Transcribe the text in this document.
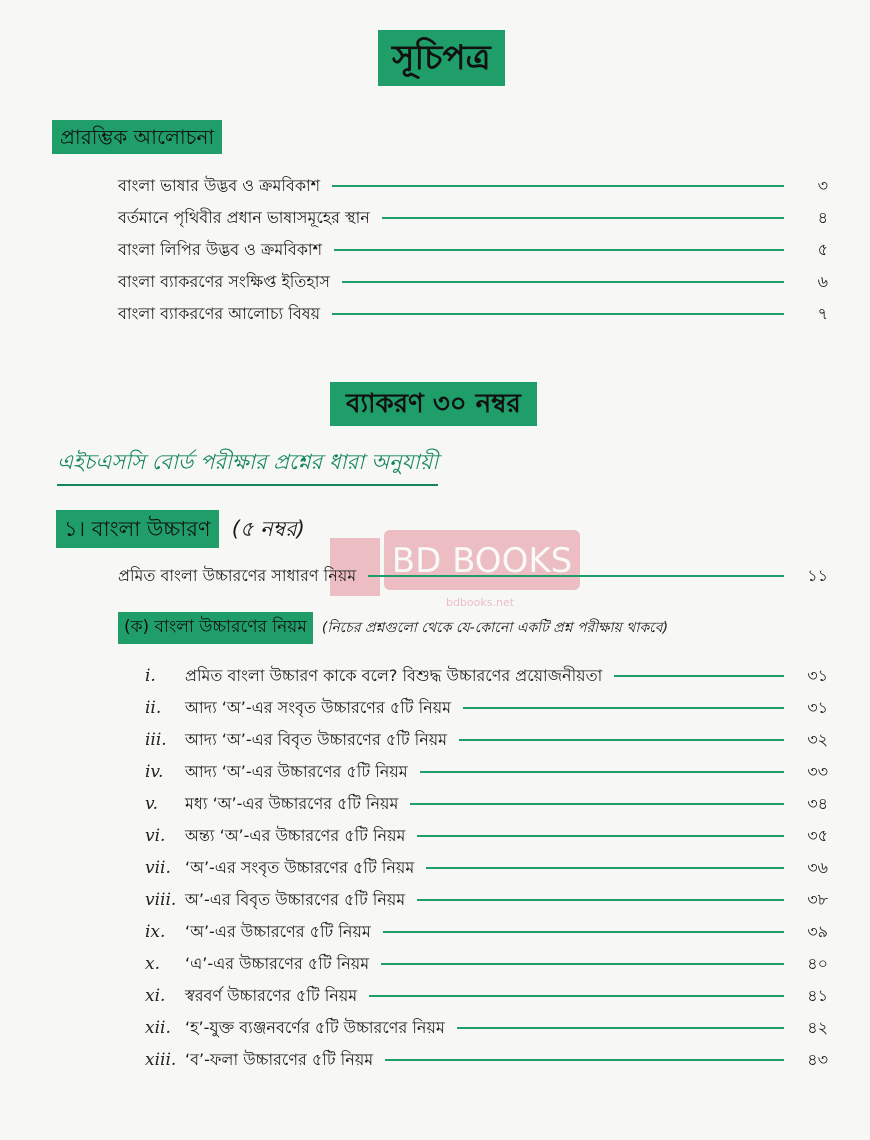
সূচিপত্র
প্রারম্ভিক আলোচনা
বাংলা ভাষার উদ্ভব ও ক্রমবিকাশ	৩
বর্তমানে পৃথিবীর প্রধান ভাষাসমূহের স্থান	৪
বাংলা লিপির উদ্ভব ও ক্রমবিকাশ	৫
বাংলা ব্যাকরণের সংক্ষিপ্ত ইতিহাস	৬
বাংলা ব্যাকরণের আলোচ্য বিষয়	৭
ব্যাকরণ ৩০ নম্বর
এইচএসসি বোর্ড পরীক্ষার প্রশ্নের ধারা অনুযায়ী
১। বাংলা উচ্চারণ (৫ নম্বর)
BD BOOKS
bdbooks.net
প্রমিত বাংলা উচ্চারণের সাধারণ নিয়ম	১১
(ক) বাংলা উচ্চারণের নিয়ম (নিচের প্রশ্নগুলো থেকে যে-কোনো একটি প্রশ্ন পরীক্ষায় থাকবে)
i.	প্রমিত বাংলা উচ্চারণ কাকে বলে? বিশুদ্ধ উচ্চারণের প্রয়োজনীয়তা	৩১
ii.	আদ্য ‘অ’-এর সংবৃত উচ্চারণের ৫টি নিয়ম	৩১
iii.	আদ্য ‘অ’-এর বিবৃত উচ্চারণের ৫টি নিয়ম	৩২
iv.	আদ্য ‘অ’-এর উচ্চারণের ৫টি নিয়ম	৩৩
v.	মধ্য ‘অ’-এর উচ্চারণের ৫টি নিয়ম	৩৪
vi.	অন্ত্য ‘অ’-এর উচ্চারণের ৫টি নিয়ম	৩৫
vii. ‘অ’-এর সংবৃত উচ্চারণের ৫টি নিয়ম	৩৬
viii. অ’-এর বিবৃত উচ্চারণের ৫টি নিয়ম	৩৮
ix.	‘অ’-এর উচ্চারণের ৫টি নিয়ম	৩৯
x.	‘এ’-এর উচ্চারণের ৫টি নিয়ম	৪০
xi.	স্বরবর্ণ উচ্চারণের ৫টি নিয়ম	৪১
xii. ‘হ’-যুক্ত ব্যঞ্জনবর্ণের ৫টি উচ্চারণের নিয়ম	৪২
xiii. ‘ব’-ফলা উচ্চারণের ৫টি নিয়ম	৪৩
